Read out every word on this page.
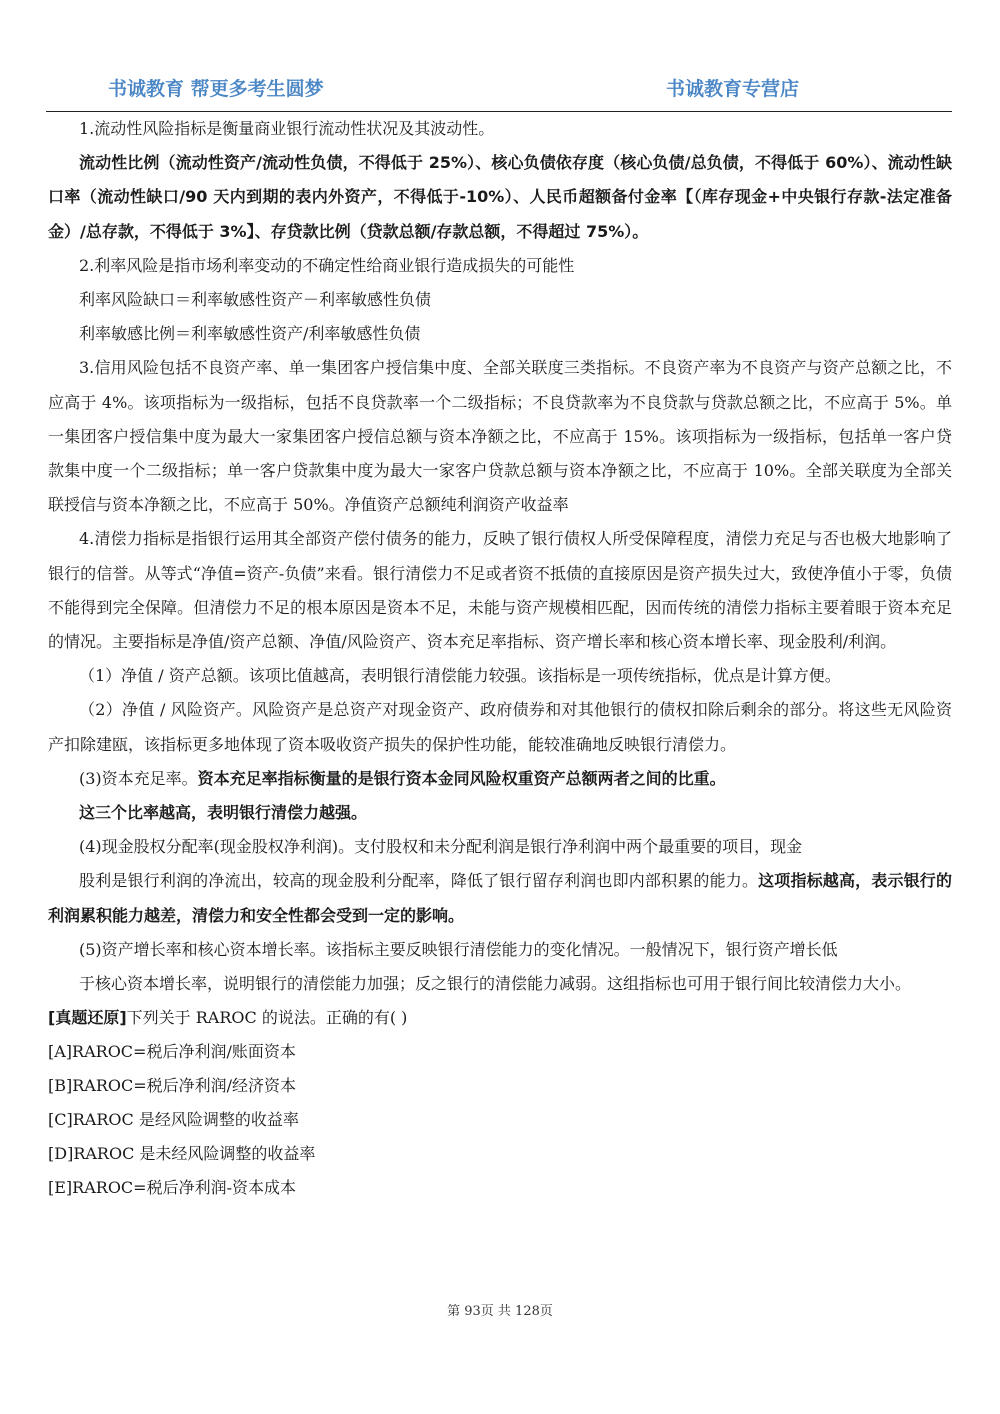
书诚教育 帮更多考生圆梦	书诚教育专营店

1.流动性风险指标是衡量商业银行流动性状况及其波动性。

流动性比例（流动性资产/流动性负债，不得低于 25%）、核心负债依存度（核心负债/总负债，不得低于 60%）、流动性缺口率（流动性缺口/90 天内到期的表内外资产，不得低于-10%）、人民币超额备付金率【（库存现金+中央银行存款-法定准备金）/总存款，不得低于 3%】、存贷款比例（贷款总额/存款总额，不得超过 75%）。

2.利率风险是指市场利率变动的不确定性给商业银行造成损失的可能性

利率风险缺口＝利率敏感性资产－利率敏感性负债

利率敏感比例＝利率敏感性资产/利率敏感性负债

3.信用风险包括不良资产率、单一集团客户授信集中度、全部关联度三类指标。不良资产率为不良资产与资产总额之比，不应高于 4%。该项指标为一级指标，包括不良贷款率一个二级指标；不良贷款率为不良贷款与贷款总额之比，不应高于 5%。单一集团客户授信集中度为最大一家集团客户授信总额与资本净额之比，不应高于 15%。该项指标为一级指标，包括单一客户贷款集中度一个二级指标；单一客户贷款集中度为最大一家客户贷款总额与资本净额之比，不应高于 10%。全部关联度为全部关联授信与资本净额之比，不应高于 50%。净值资产总额纯利润资产收益率

4.清偿力指标是指银行运用其全部资产偿付债务的能力，反映了银行债权人所受保障程度，清偿力充足与否也极大地影响了银行的信誉。从等式“净值=资产-负债”来看。银行清偿力不足或者资不抵债的直接原因是资产损失过大，致使净值小于零，负债不能得到完全保障。但清偿力不足的根本原因是资本不足，未能与资产规模相匹配，因而传统的清偿力指标主要着眼于资本充足的情况。主要指标是净值/资产总额、净值/风险资产、资本充足率指标、资产增长率和核心资本增长率、现金股利/利润。

（1）净值 / 资产总额。该项比值越高，表明银行清偿能力较强。该指标是一项传统指标，优点是计算方便。

（2）净值 / 风险资产。风险资产是总资产对现金资产、政府债券和对其他银行的债权扣除后剩余的部分。将这些无风险资产扣除建瓯，该指标更多地体现了资本吸收资产损失的保护性功能，能较准确地反映银行清偿力。

(3)资本充足率。资本充足率指标衡量的是银行资本金同风险权重资产总额两者之间的比重。

这三个比率越高，表明银行清偿力越强。

(4)现金股权分配率(现金股权净利润)。支付股权和未分配利润是银行净利润中两个最重要的项目，现金

股利是银行利润的净流出，较高的现金股利分配率，降低了银行留存利润也即内部积累的能力。这项指标越高，表示银行的利润累积能力越差，清偿力和安全性都会受到一定的影响。

(5)资产增长率和核心资本增长率。该指标主要反映银行清偿能力的变化情况。一般情况下，银行资产增长低

于核心资本增长率，说明银行的清偿能力加强；反之银行的清偿能力减弱。这组指标也可用于银行间比较清偿力大小。

[真题还原]下列关于 RAROC 的说法。正确的有( )

[A]RAROC=税后净利润/账面资本

[B]RAROC=税后净利润/经济资本

[C]RAROC 是经风险调整的收益率

[D]RAROC 是未经风险调整的收益率

[E]RAROC=税后净利润-资本成本

第 93页 共 128页
